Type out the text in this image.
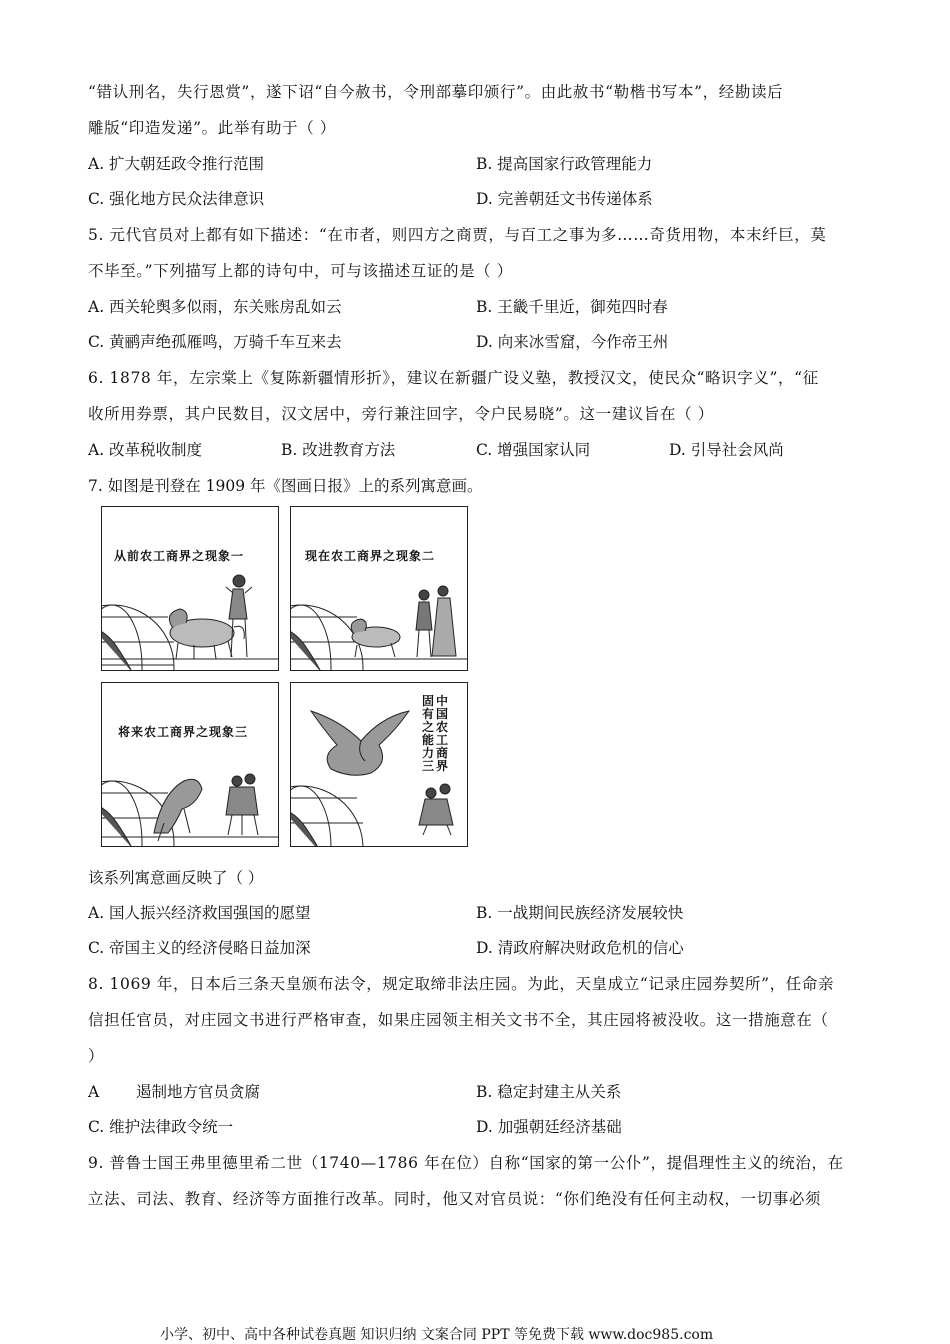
“错认刑名，失行恩赏”，遂下诏“自今赦书，令刑部摹印颁行”。由此赦书“勒楷书写本”，经勘读后
雕版“印造发递”。此举有助于（ ）
A. 扩大朝廷政令推行范围	B. 提高国家行政管理能力
C. 强化地方民众法律意识	D. 完善朝廷文书传递体系
5. 元代官员对上都有如下描述：“在市者，则四方之商贾，与百工之事为多……奇货用物，本末纤巨，莫
不毕至。”下列描写上都的诗句中，可与该描述互证的是（ ）
A. 西关轮舆多似雨，东关账房乱如云	B. 王畿千里近，御苑四时春
C. 黄鹂声绝孤雁鸣，万骑千车互来去	D. 向来冰雪窟，今作帝王州
6. 1878 年，左宗棠上《复陈新疆情形折》，建议在新疆广设义塾，教授汉文，使民众“略识字义”，“征
收所用券票，其户民数目，汉文居中，旁行兼注回字，令户民易晓”。这一建议旨在（ ）
A. 改革税收制度	B. 改进教育方法	C. 增强国家认同	D. 引导社会风尚
7. 如图是刊登在 1909 年《图画日报》上的系列寓意画。
从前农工商界之现象一	现在农工商界之现象二
将来农工商界之现象三
中国农工商界
固有之能力三
该系列寓意画反映了（ ）
A. 国人振兴经济救国强国的愿望	B. 一战期间民族经济发展较快
C. 帝国主义的经济侵略日益加深	D. 清政府解决财政危机的信心
8. 1069 年，日本后三条天皇颁布法令，规定取缔非法庄园。为此，天皇成立“记录庄园券契所”，任命亲
信担任官员，对庄园文书进行严格审查，如果庄园领主相关文书不全，其庄园将被没收。这一措施意在（
）
A 遏制地方官员贪腐	B. 稳定封建主从关系
C. 维护法律政令统一	D. 加强朝廷经济基础
9. 普鲁士国王弗里德里希二世（1740—1786 年在位）自称“国家的第一公仆”，提倡理性主义的统治，在
立法、司法、教育、经济等方面推行改革。同时，他又对官员说：“你们绝没有任何主动权，一切事必须
小学、初中、高中各种试卷真题 知识归纳 文案合同 PPT 等免费下载 www.doc985.com
